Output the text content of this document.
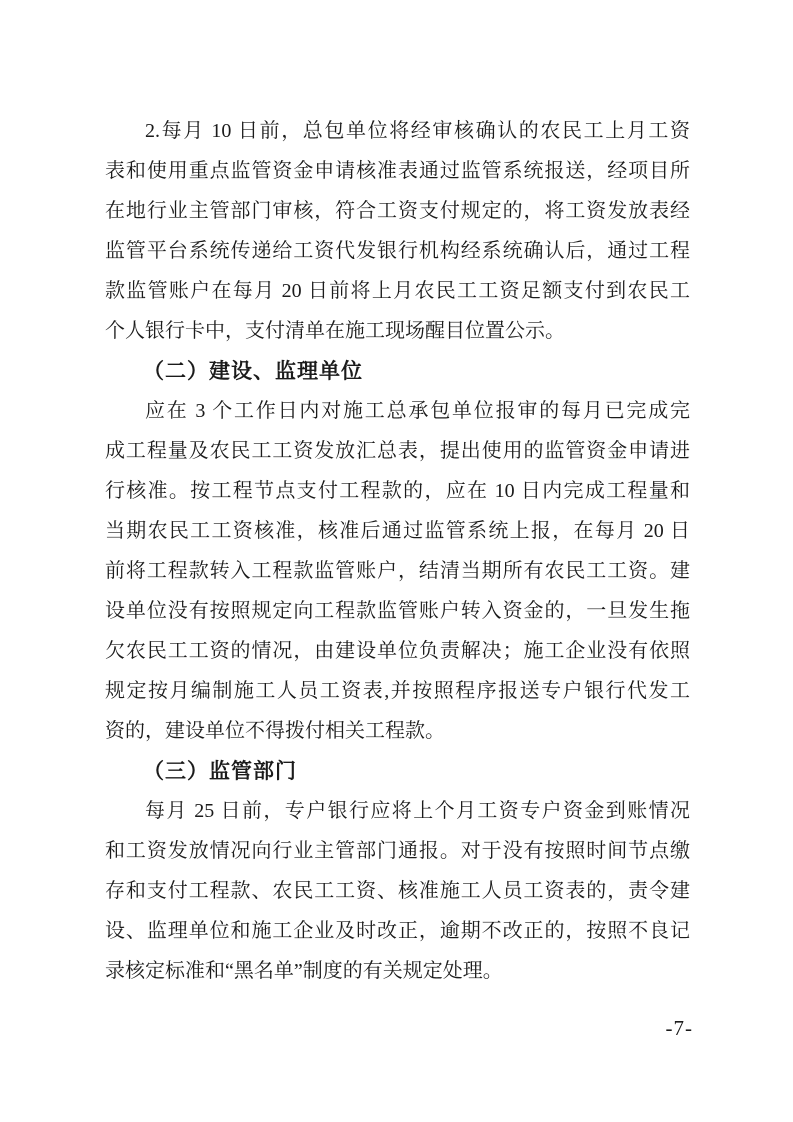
2.每月 10 日前，总包单位将经审核确认的农民工上月工资
表和使用重点监管资金申请核准表通过监管系统报送，经项目所
在地行业主管部门审核，符合工资支付规定的，将工资发放表经
监管平台系统传递给工资代发银行机构经系统确认后，通过工程
款监管账户在每月 20 日前将上月农民工工资足额支付到农民工
个人银行卡中，支付清单在施工现场醒目位置公示。
（二）建设、监理单位
应在 3 个工作日内对施工总承包单位报审的每月已完成完
成工程量及农民工工资发放汇总表，提出使用的监管资金申请进
行核准。按工程节点支付工程款的，应在 10 日内完成工程量和
当期农民工工资核准，核准后通过监管系统上报，在每月 20 日
前将工程款转入工程款监管账户，结清当期所有农民工工资。建
设单位没有按照规定向工程款监管账户转入资金的，一旦发生拖
欠农民工工资的情况，由建设单位负责解决；施工企业没有依照
规定按月编制施工人员工资表,并按照程序报送专户银行代发工
资的，建设单位不得拨付相关工程款。
（三）监管部门
每月 25 日前，专户银行应将上个月工资专户资金到账情况
和工资发放情况向行业主管部门通报。对于没有按照时间节点缴
存和支付工程款、农民工工资、核准施工人员工资表的，责令建
设、监理单位和施工企业及时改正，逾期不改正的，按照不良记
录核定标准和“黑名单”制度的有关规定处理。
-7-
